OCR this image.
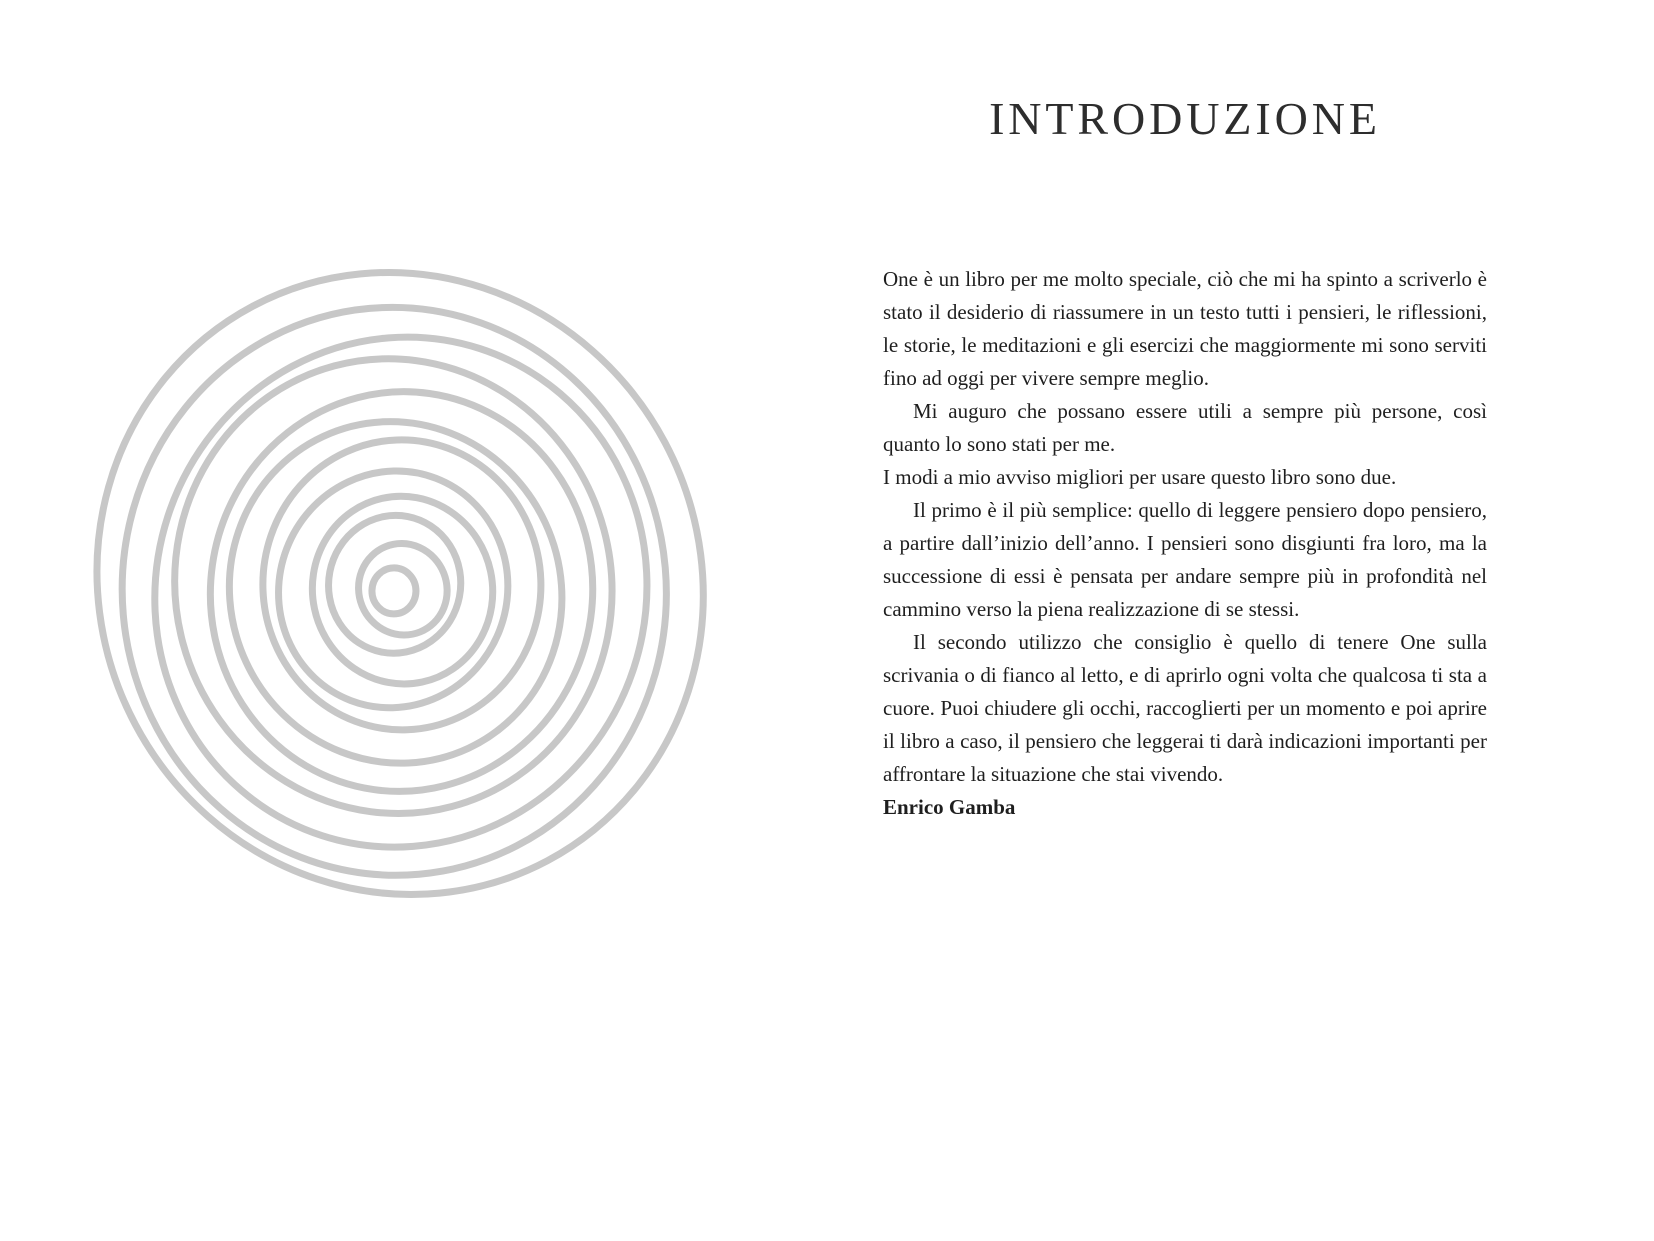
INTRODUZIONE

One è un libro per me molto speciale, ciò che mi ha spinto a scriverlo è stato il desiderio di riassumere in un testo tutti i pensieri, le riflessioni, le storie, le meditazioni e gli esercizi che maggiormente mi sono serviti fino ad oggi per vivere sempre meglio.

Mi auguro che possano essere utili a sempre più persone, così quanto lo sono stati per me.

I modi a mio avviso migliori per usare questo libro sono due.

Il primo è il più semplice: quello di leggere pensiero dopo pensiero, a partire dall’inizio dell’anno. I pensieri sono disgiunti fra loro, ma la successione di essi è pensata per andare sempre più in profondità nel cammino verso la piena realizzazione di se stessi.

Il secondo utilizzo che consiglio è quello di tenere One sulla scrivania o di fianco al letto, e di aprirlo ogni volta che qualcosa ti sta a cuore. Puoi chiudere gli occhi, raccoglierti per un momento e poi aprire il libro a caso, il pensiero che leggerai ti darà indicazioni importanti per affrontare la situazione che stai vivendo.

Enrico Gamba
